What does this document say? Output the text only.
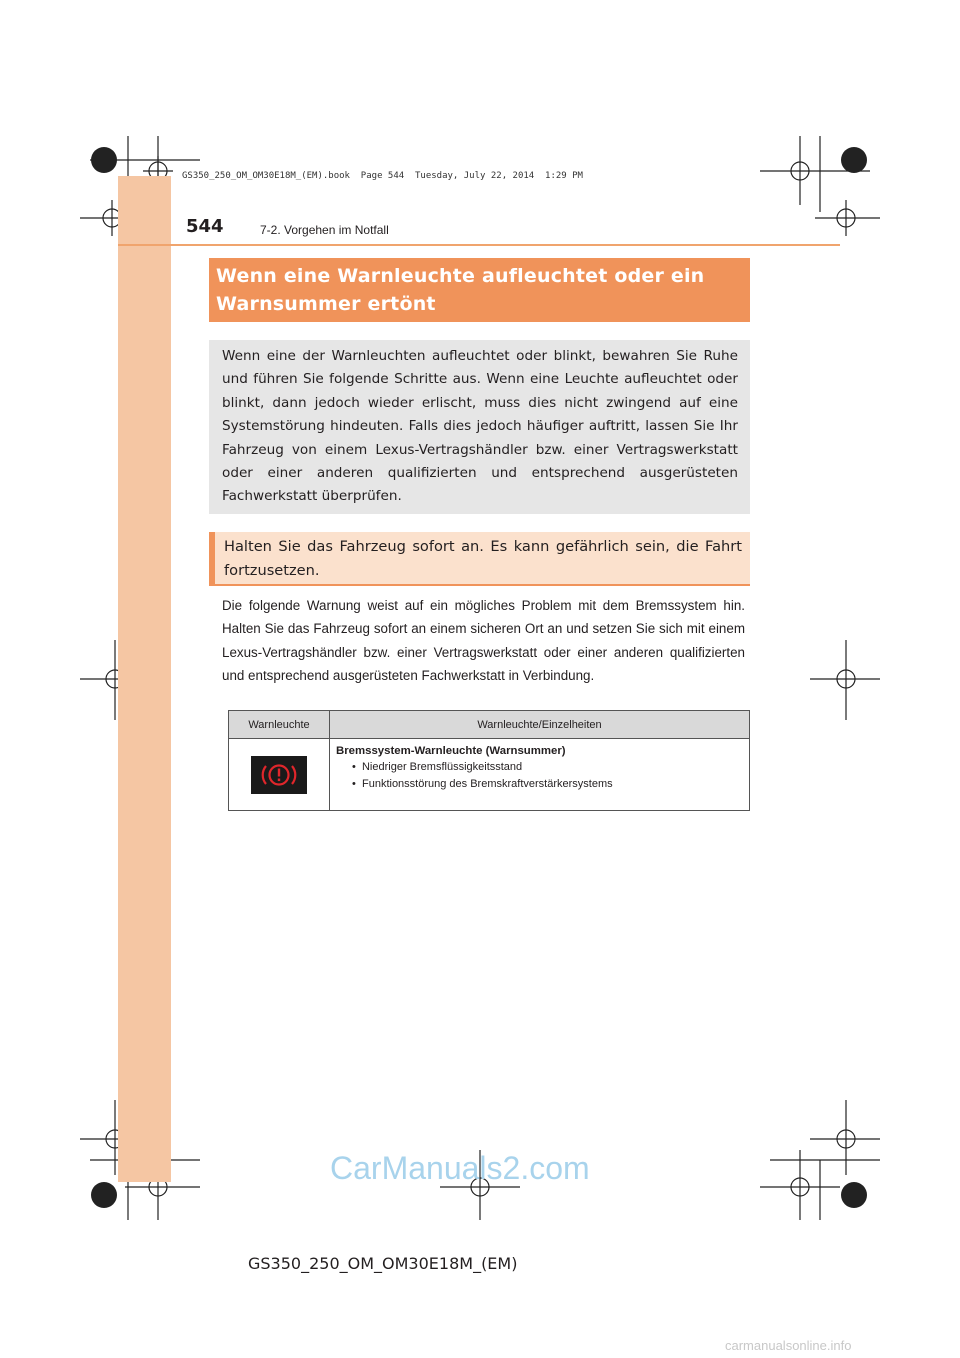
GS350_250_OM_OM30E18M_(EM).book  Page 544  Tuesday, July 22, 2014  1:29 PM
544	7-2. Vorgehen im Notfall
Wenn eine Warnleuchte aufleuchtet oder ein
Warnsummer ertönt
Wenn eine der Warnleuchten aufleuchtet oder blinkt, bewahren Sie Ruhe und führen Sie folgende Schritte aus. Wenn eine Leuchte aufleuchtet oder blinkt, dann jedoch wieder erlischt, muss dies nicht zwingend auf eine Systemstörung hindeuten. Falls dies jedoch häufiger auftritt, lassen Sie Ihr Fahrzeug von einem Lexus-Vertragshändler bzw. einer Vertragswerkstatt oder einer anderen qualifizierten und entsprechend ausgerüsteten Fachwerkstatt überprüfen.
Halten Sie das Fahrzeug sofort an. Es kann gefährlich sein, die Fahrt fortzusetzen.
Die folgende Warnung weist auf ein mögliches Problem mit dem Bremssystem hin. Halten Sie das Fahrzeug sofort an einem sicheren Ort an und setzen Sie sich mit einem Lexus-Vertragshändler bzw. einer Vertragswerkstatt oder einer anderen qualifizierten und entsprechend ausgerüsteten Fachwerkstatt in Verbindung.
Warnleuchte	Warnleuchte/Einzelheiten

Bremssystem-Warnleuchte (Warnsummer)
• Niedriger Bremsflüssigkeitsstand
• Funktionsstörung des Bremskraftverstärkersystems
CarManuals2.com
GS350_250_OM_OM30E18M_(EM)
carmanualsonline.info
